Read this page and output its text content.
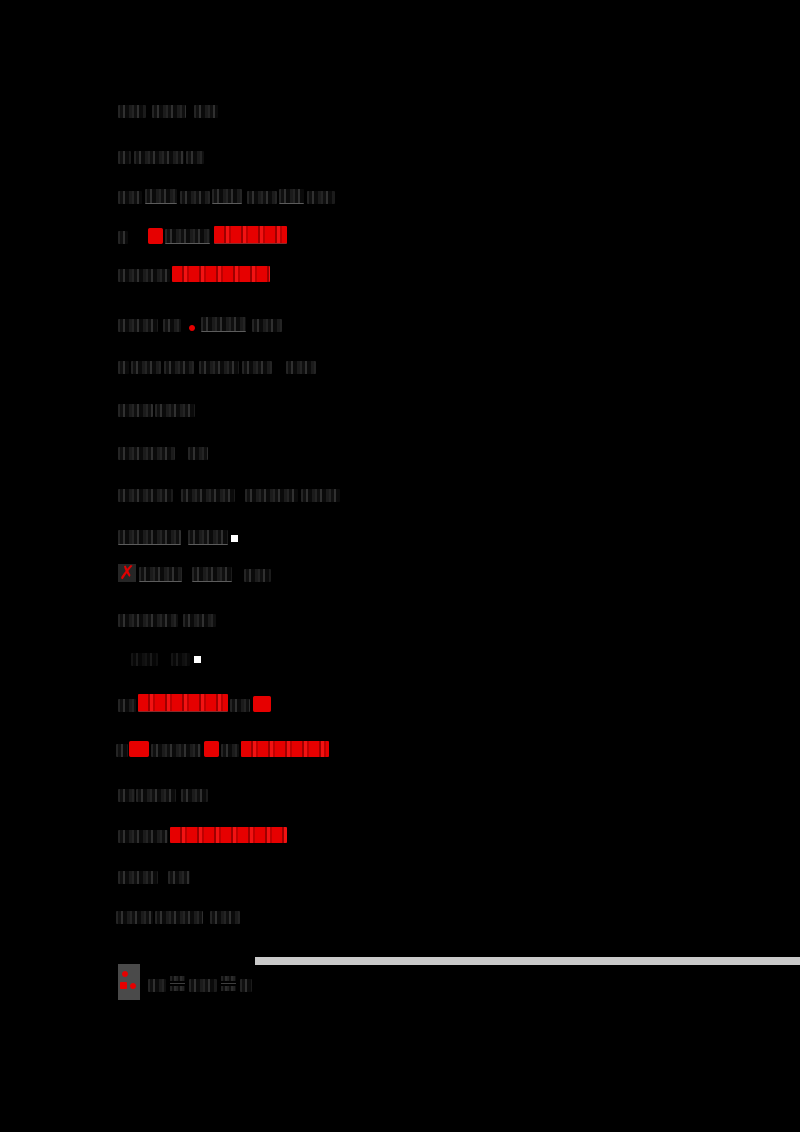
✗
